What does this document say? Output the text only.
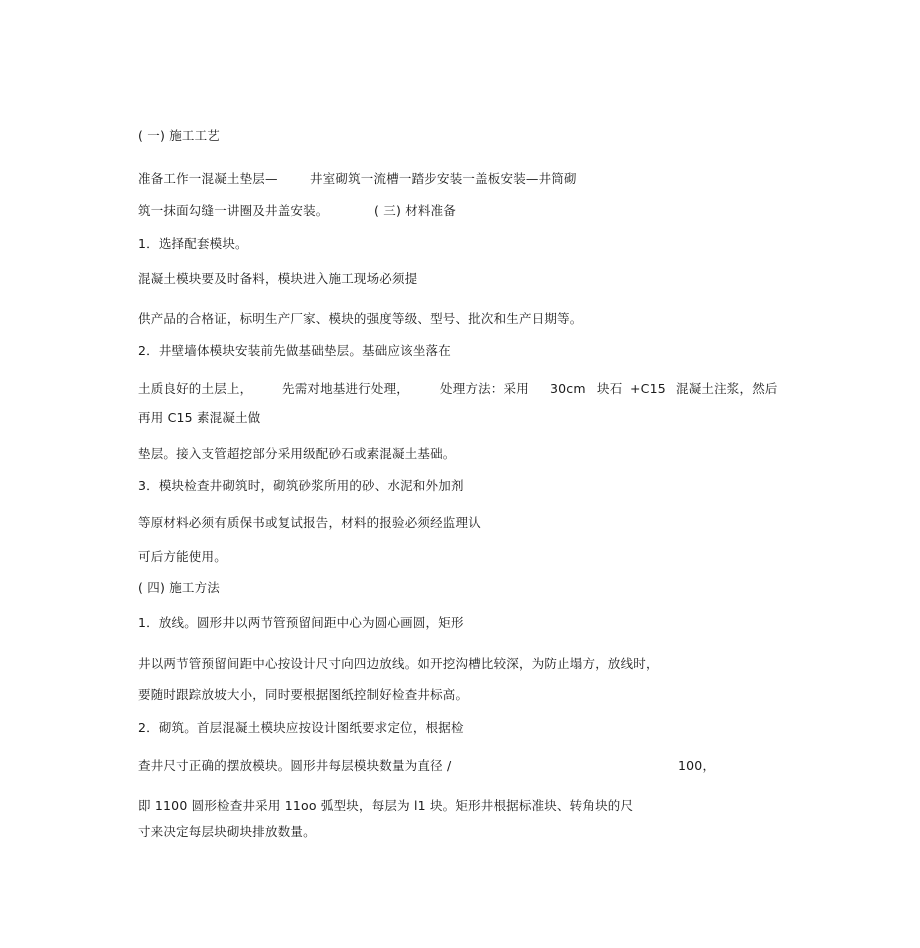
( 一) 施工工艺
准备工作一混凝土垫层—	井室砌筑一流槽一踏步安装一盖板安装—井筒砌
筑一抹面勾缝一讲圈及井盖安装。	( 三) 材料准备
1．选择配套模块。
混凝土模块要及时备料，模块进入施工现场必须提
供产品的合格证，标明生产厂家、模块的强度等级、型号、批次和生产日期等。
2．井壁墙体模块安装前先做基础垫层。基础应该坐落在
土质良好的土层上， 先需对地基进行处理， 处理方法：采用 30cm 块石 +C15 混凝土注浆，然后
再用 C15 素混凝土做
垫层。接入支管超挖部分采用级配砂石或素混凝土基础。
3．模块检查井砌筑时，砌筑砂浆所用的砂、水泥和外加剂
等原材料必须有质保书或复试报告，材料的报验必须经监理认
可后方能使用。
( 四) 施工方法
1．放线。圆形井以两节管预留间距中心为圆心画圆，矩形
井以两节管预留间距中心按设计尺寸向四边放线。如开挖沟槽比较深，为防止塌方，放线时，
要随时跟踪放坡大小，同时要根据图纸控制好检查井标高。
2．砌筑。首层混凝土模块应按设计图纸要求定位，根据检
查井尺寸正确的摆放模块。圆形井每层模块数量为直径 /	100，
即 1100 圆形检查井采用 11oo 弧型块，每层为 l1 块。矩形井根据标准块、转角块的尺
寸来决定每层块砌块排放数量。
